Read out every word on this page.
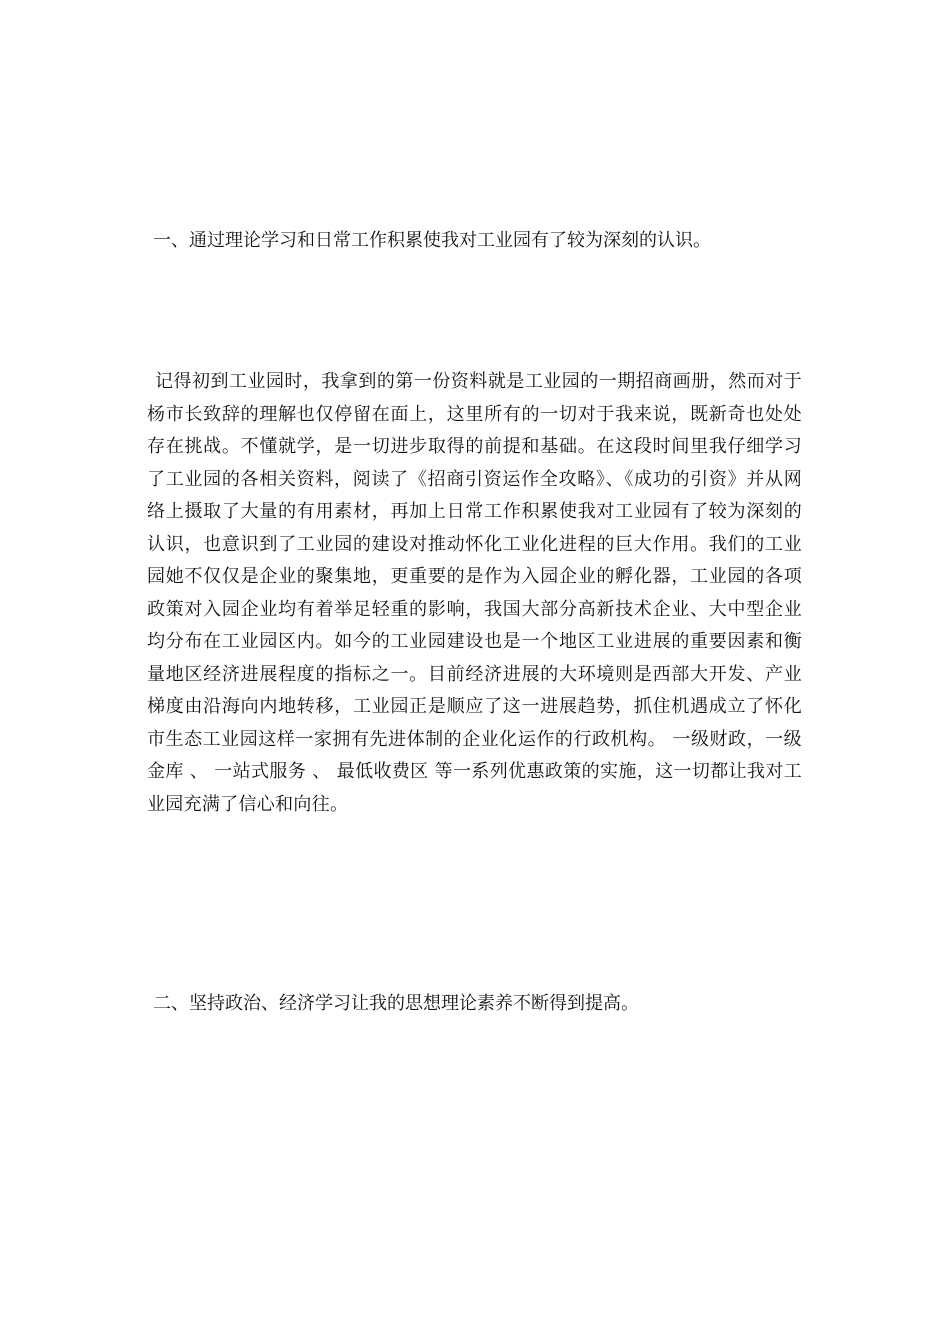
一、通过理论学习和日常工作积累使我对工业园有了较为深刻的认识。
记得初到工业园时，我拿到的第一份资料就是工业园的一期招商画册，然而对于杨市长致辞的理解也仅停留在面上，这里所有的一切对于我来说，既新奇也处处存在挑战。不懂就学，是一切进步取得的前提和基础。在这段时间里我仔细学习了工业园的各相关资料，阅读了《招商引资运作全攻略》、《成功的引资》并从网络上摄取了大量的有用素材，再加上日常工作积累使我对工业园有了较为深刻的认识，也意识到了工业园的建设对推动怀化工业化进程的巨大作用。我们的工业园她不仅仅是企业的聚集地，更重要的是作为入园企业的孵化器，工业园的各项政策对入园企业均有着举足轻重的影响，我国大部分高新技术企业、大中型企业均分布在工业园区内。如今的工业园建设也是一个地区工业进展的重要因素和衡量地区经济进展程度的指标之一。目前经济进展的大环境则是西部大开发、产业梯度由沿海向内地转移，工业园正是顺应了这一进展趋势，抓住机遇成立了怀化市生态工业园这样一家拥有先进体制的企业化运作的行政机构。 一级财政，一级金库 、 一站式服务 、 最低收费区 等一系列优惠政策的实施，这一切都让我对工业园充满了信心和向往。
二、坚持政治、经济学习让我的思想理论素养不断得到提高。
